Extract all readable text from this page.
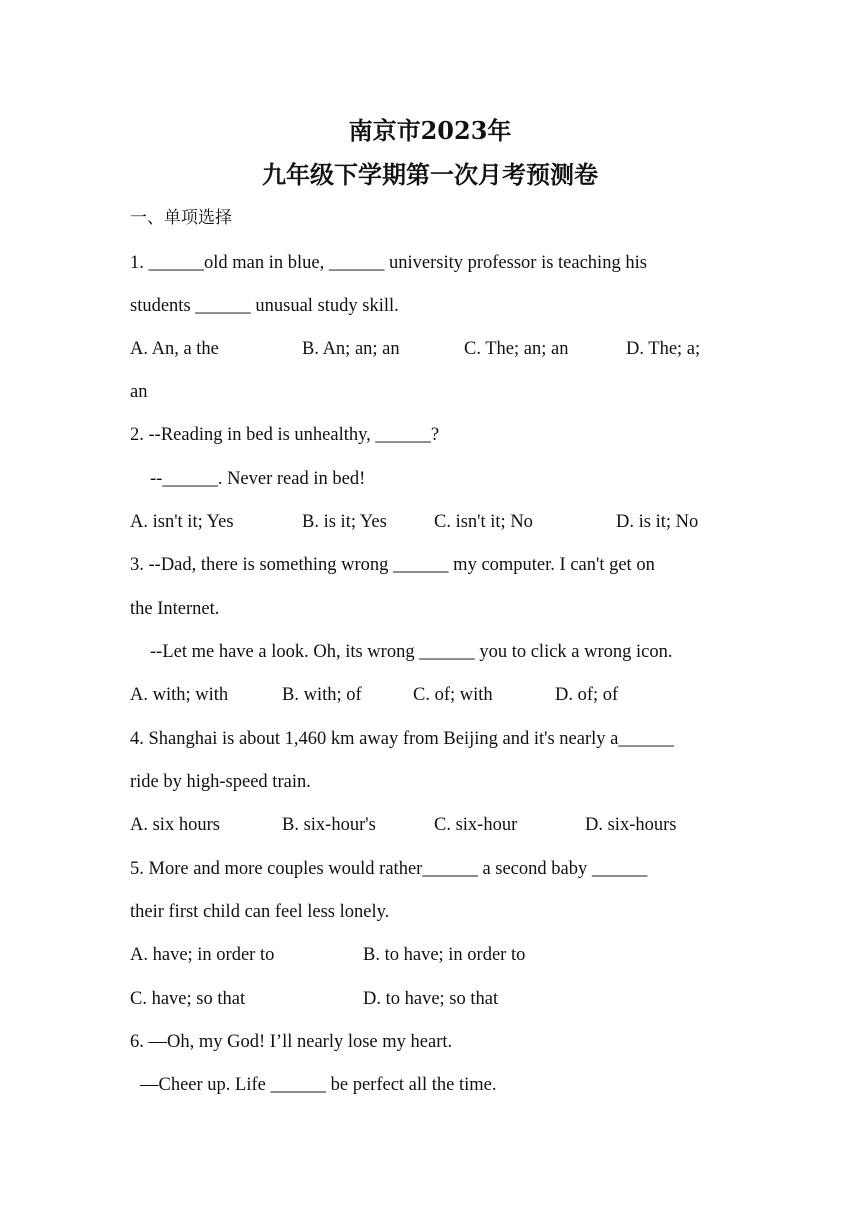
南京市2023年
九年级下学期第一次月考预测卷
一、单项选择
1. ______old man in blue, ______ university professor is teaching his
students ______ unusual study skill.
A. An, a the	B. An; an; an	C. The; an; an	D. The; a;
an
2. --Reading in bed is unhealthy, ______?
--______. Never read in bed!
A. isn't it; Yes	B. is it; Yes	C. isn't it; No	D. is it; No
3. --Dad, there is something wrong ______ my computer. I can't get on
the Internet.
--Let me have a look. Oh, its wrong ______ you to click a wrong icon.
A. with; with	B. with; of	C. of; with	D. of; of
4. Shanghai is about 1,460 km away from Beijing and it's nearly a______
ride by high-speed train.
A. six hours	B. six-hour's	C. six-hour	D. six-hours
5. More and more couples would rather______ a second baby ______
their first child can feel less lonely.
A. have; in order to	B. to have; in order to
C. have; so that	D. to have; so that
6. —Oh, my God! I’ll nearly lose my heart.
—Cheer up. Life ______ be perfect all the time.
